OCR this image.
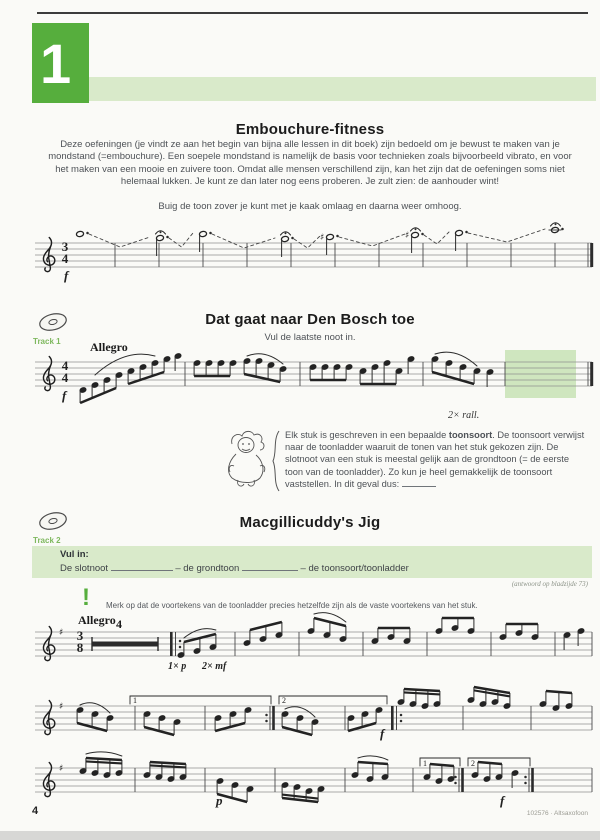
1
Embouchure-fitness
Deze oefeningen (je vindt ze aan het begin van bijna alle lessen in dit boek) zijn bedoeld om je bewust te maken van je mondstand (=embouchure). Een soepele mondstand is namelijk de basis voor technieken zoals bijvoorbeeld vibrato, en voor het maken van een mooie en zuivere toon. Omdat alle mensen verschillend zijn, kan het zijn dat de oefeningen soms niet helemaal lukken. Je kunt ze dan later nog eens proberen. Je zult zien: de aanhouder wint!
Buig de toon zover je kunt met je kaak omlaag en daarna weer omhoog.
♯	♯
3
4
f
Track 1
Dat gaat naar Den Bosch toe
Vul de laatste noot in.
Allegro
4
4
f
2× rall.
Elk stuk is geschreven in een bepaalde toonsoort. De toonsoort verwijst naar de toonladder waaruit de tonen van het stuk gekozen zijn. De slotnoot van een stuk is meestal gelijk aan de grondtoon (= de eerste toon van de toonladder). Zo kun je heel gemakkelijk de toonsoort vaststellen. In dit geval dus:
Track 2
Macgillicuddy's Jig
Vul in:
De slotnoot	– de grondtoon	– de toonsoort/toonladder
(antwoord op bladzijde 73)
! Merk op dat de voortekens van de toonladder precies hetzelfde zijn als de vaste voortekens van het stuk.
Allegro 4
♯ 3
8
1× p 2× mf
♯
1	2
f
♯
1	2
p	f
4	102576 · Altsaxofoon
